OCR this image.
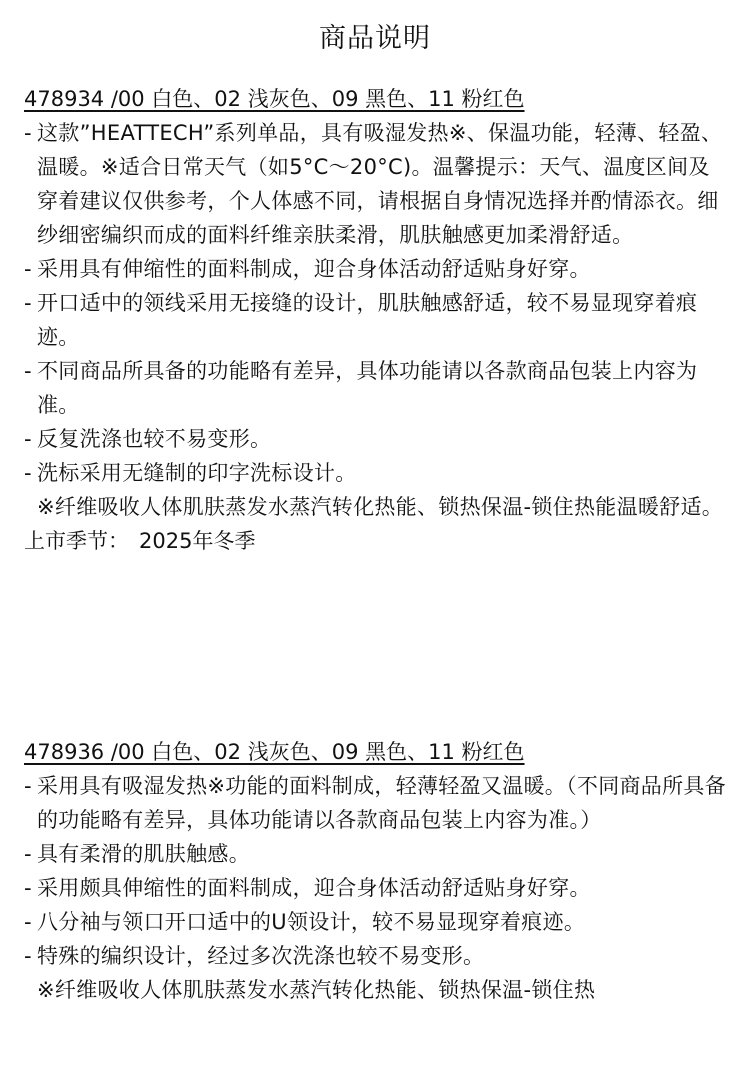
商品说明
478934 /00 白色、02 浅灰色、09 黑色、11 粉红色
- 这款”HEATTECH”系列单品，具有吸湿发热※、保温功能，轻薄、轻盈、温暖。※适合日常天气（如5°C～20°C)。温馨提示：天气、温度区间及穿着建议仅供参考，个人体感不同，请根据自身情况选择并酌情添衣。细纱细密编织而成的面料纤维亲肤柔滑，肌肤触感更加柔滑舒适。
- 采用具有伸缩性的面料制成，迎合身体活动舒适贴身好穿。
- 开口适中的领线采用无接缝的设计，肌肤触感舒适，较不易显现穿着痕迹。
- 不同商品所具备的功能略有差异，具体功能请以各款商品包装上内容为准。
- 反复洗涤也较不易变形。
- 洗标采用无缝制的印字洗标设计。
※纤维吸收人体肌肤蒸发水蒸汽转化热能、锁热保温-锁住热能温暖舒适。
上市季节： 2025年冬季
478936 /00 白色、02 浅灰色、09 黑色、11 粉红色
- 采用具有吸湿发热※功能的面料制成，轻薄轻盈又温暖。（不同商品所具备的功能略有差异，具体功能请以各款商品包装上内容为准。）
- 具有柔滑的肌肤触感。
- 采用颇具伸缩性的面料制成，迎合身体活动舒适贴身好穿。
- 八分袖与领口开口适中的U领设计，较不易显现穿着痕迹。
- 特殊的编织设计，经过多次洗涤也较不易变形。
※纤维吸收人体肌肤蒸发水蒸汽转化热能、锁热保温-锁住热
